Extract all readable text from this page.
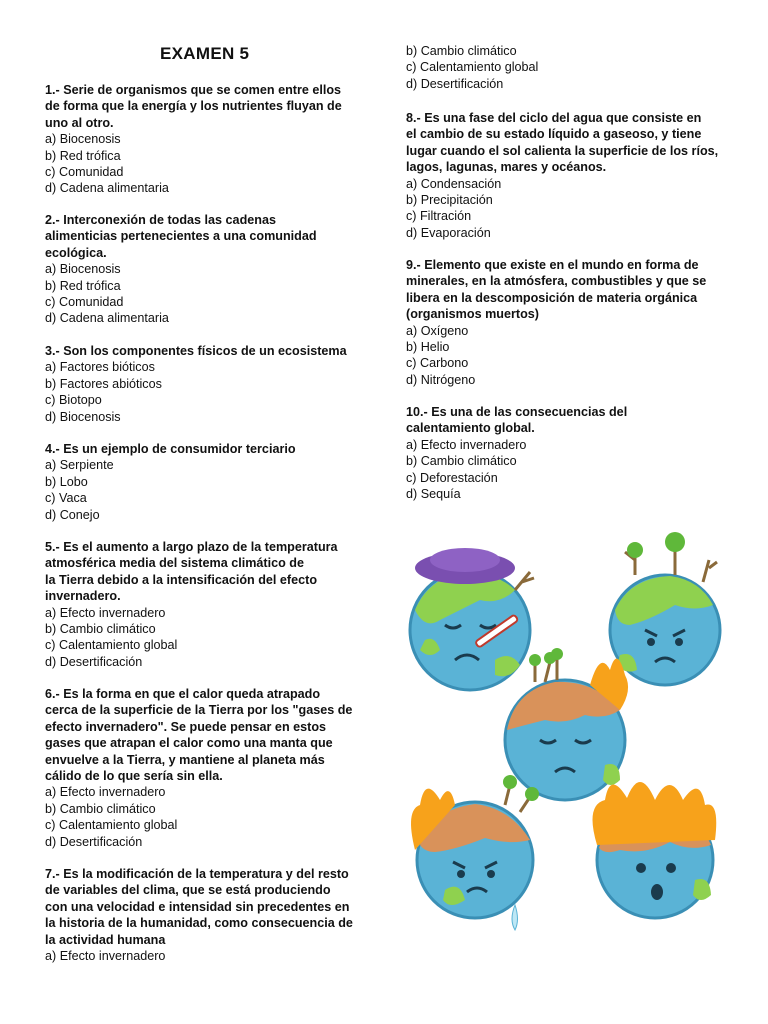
EXAMEN 5
1.- Serie de organismos que se comen entre ellos
de forma que la energía y los nutrientes fluyan de
uno al otro.
a) Biocenosis
b) Red trófica
c) Comunidad
d) Cadena alimentaria
2.- Interconexión de todas las cadenas
alimenticias pertenecientes a una comunidad
ecológica.
a) Biocenosis
b) Red trófica
c) Comunidad
d) Cadena alimentaria
3.- Son los componentes físicos de un ecosistema
a) Factores bióticos
b) Factores abióticos
c) Biotopo
d) Biocenosis
4.- Es un ejemplo de consumidor terciario
a) Serpiente
b) Lobo
c) Vaca
d) Conejo
5.- Es el aumento a largo plazo de la temperatura
atmosférica media del sistema climático de
la Tierra debido a la intensificación del efecto
invernadero.
a) Efecto invernadero
b) Cambio climático
c) Calentamiento global
d) Desertificación
6.- Es la forma en que el calor queda atrapado
cerca de la superficie de la Tierra por los "gases de
efecto invernadero". Se puede pensar en estos
gases que atrapan el calor como una manta que
envuelve a la Tierra, y mantiene al planeta más
cálido de lo que sería sin ella.
a) Efecto invernadero
b) Cambio climático
c) Calentamiento global
d) Desertificación
7.- Es la modificación de la temperatura y del resto
de variables del clima, que se está produciendo
con una velocidad e intensidad sin precedentes en
la historia de la humanidad, como consecuencia de
la actividad humana
a) Efecto invernadero
b) Cambio climático
c) Calentamiento global
d) Desertificación
8.- Es una fase del ciclo del agua que consiste en
el cambio de su estado líquido a gaseoso, y tiene
lugar cuando el sol calienta la superficie de los ríos,
lagos, lagunas, mares y océanos.
a) Condensación
b) Precipitación
c) Filtración
d) Evaporación
9.- Elemento que existe en el mundo en forma de
minerales, en la atmósfera, combustibles y que se
libera en la descomposición de materia orgánica
(organismos muertos)
a) Oxígeno
b) Helio
c) Carbono
d) Nitrógeno
10.- Es una de las consecuencias del
calentamiento global.
a) Efecto invernadero
b) Cambio climático
c) Deforestación
d) Sequía
